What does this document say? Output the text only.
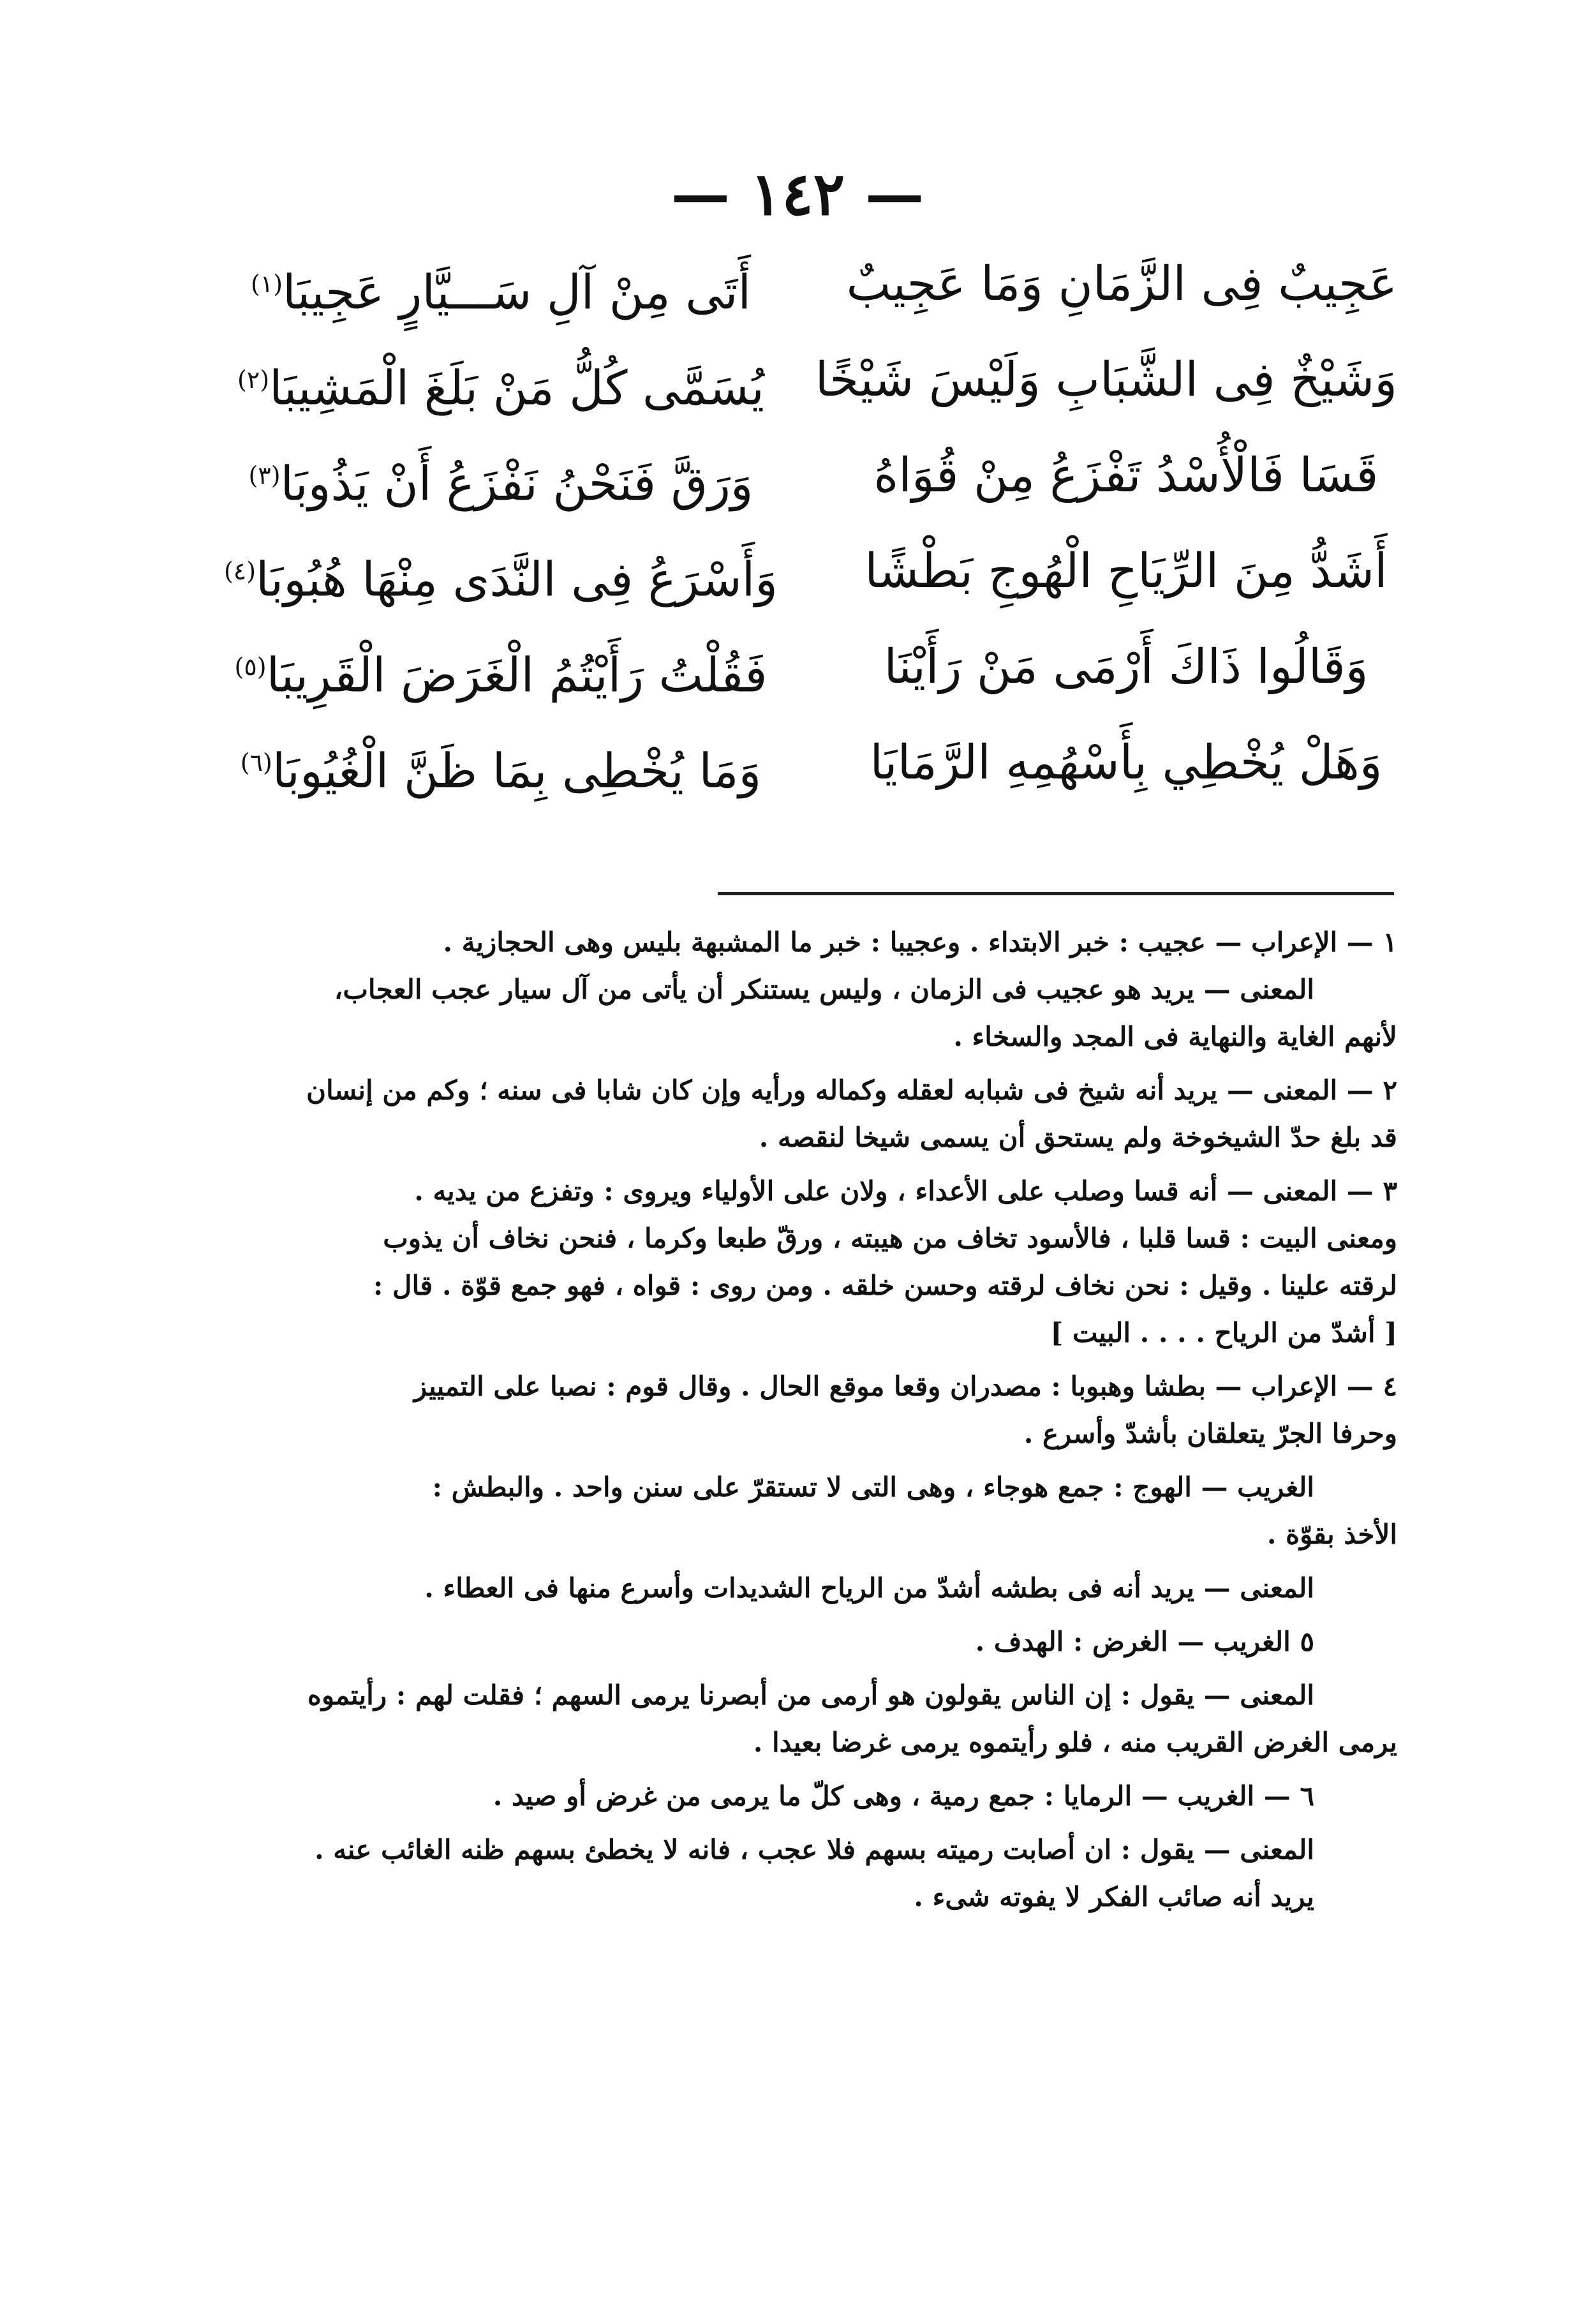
— ١٤٢ —
عَجِيبٌ فِى الزَّمَانِ وَمَا عَجِيبٌ
أَتَى مِنْ آلِ سَـــيَّارٍ عَجِيبَا$^{(١)}$
وَشَيْخٌ فِى الشَّبَابِ وَلَيْسَ شَيْخًا
يُسَمَّى كُلُّ مَنْ بَلَغَ الْمَشِيبَا$^{(٢)}$
قَسَا فَالْأُسْدُ تَفْزَعُ مِنْ قُوَاهُ
وَرَقَّ فَنَحْنُ نَفْزَعُ أَنْ يَذُوبَا$^{(٣)}$
أَشَدُّ مِنَ الرِّيَاحِ الْهُوجِ بَطْشًا
وَأَسْرَعُ فِى النَّدَى مِنْهَا هُبُوبَا$^{(٤)}$
وَقَالُوا ذَاكَ أَرْمَى مَنْ رَأَيْنَا
فَقُلْتُ رَأَيْتُمُ الْغَرَضَ الْقَرِيبَا$^{(٥)}$
وَهَلْ يُخْطِي بِأَسْهُمِهِ الرَّمَايَا
وَمَا يُخْطِى بِمَا ظَنَّ الْغُيُوبَا$^{(٦)}$
١ — الإعراب — عجيب : خبر الابتداء . وعجيبا : خبر ما المشبهة بليس وهى الحجازية .
المعنى — يريد هو عجيب فى الزمان ، وليس يستنكر أن يأتى من آل سيار عجب العجاب،
لأنهم الغاية والنهاية فى المجد والسخاء .
٢ — المعنى — يريد أنه شيخ فى شبابه لعقله وكماله ورأيه وإن كان شابا فى سنه ؛ وكم من إنسان
قد بلغ حدّ الشيخوخة ولم يستحق أن يسمى شيخا لنقصه .
٣ — المعنى — أنه قسا وصلب على الأعداء ، ولان على الأولياء ويروى : وتفزع من يديه .
ومعنى البيت : قسا قلبا ، فالأسود تخاف من هيبته ، ورقّ طبعا وكرما ، فنحن نخاف أن يذوب
لرقته علينا . وقيل : نحن نخاف لرقته وحسن خلقه . ومن روى : قواه ، فهو جمع قوّة . قال :
[ أشدّ من الرياح . . . . البيت ]
٤ — الإعراب — بطشا وهبوبا : مصدران وقعا موقع الحال . وقال قوم : نصبا على التمييز
وحرفا الجرّ يتعلقان بأشدّ وأسرع .
الغريب — الهوج : جمع هوجاء ، وهى التى لا تستقرّ على سنن واحد . والبطش :
الأخذ بقوّة .
المعنى — يريد أنه فى بطشه أشدّ من الرياح الشديدات وأسرع منها فى العطاء .
٥ الغريب — الغرض : الهدف .
المعنى — يقول : إن الناس يقولون هو أرمى من أبصرنا يرمى السهم ؛ فقلت لهم : رأيتموه
يرمى الغرض القريب منه ، فلو رأيتموه يرمى غرضا بعيدا .
٦ — الغريب — الرمايا : جمع رمية ، وهى كلّ ما يرمى من غرض أو صيد .
المعنى — يقول : ان أصابت رميته بسهم فلا عجب ، فانه لا يخطئ بسهم ظنه الغائب عنه .
يريد أنه صائب الفكر لا يفوته شىء .
